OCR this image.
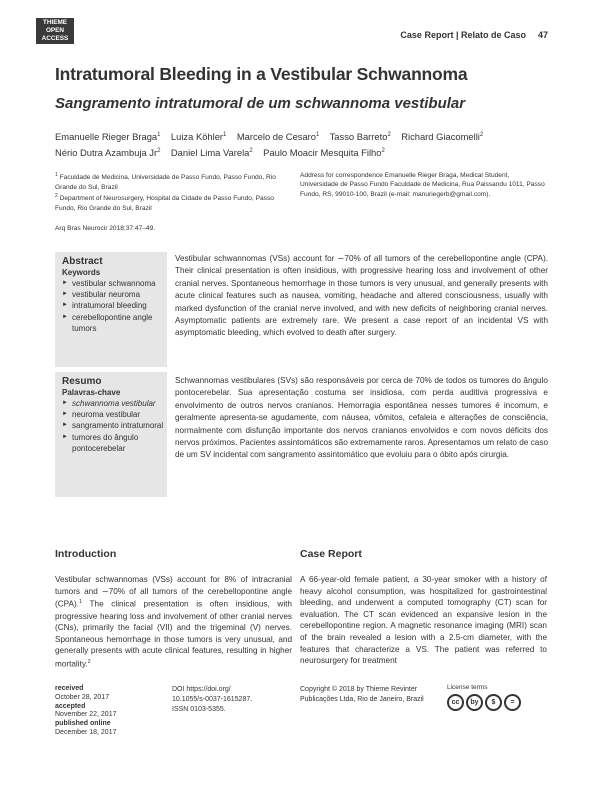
THIEME
OPEN
ACCESS	Case Report | Relato de Caso 47
Intratumoral Bleeding in a Vestibular Schwannoma
Sangramento intratumoral de um schwannoma vestibular
Emanuelle Rieger Braga$^1$ Luiza Köhler$^1$ Marcelo de Cesaro$^1$ Tasso Barreto$^2$ Richard Giacomelli$^2$
Nério Dutra Azambuja Jr$^2$ Daniel Lima Varela$^2$ Paulo Moacir Mesquita Filho$^2$

$^1$ Faculdade de Medicina, Universidade de Passo Fundo, Passo Fundo, Rio Grande do Sul, Brazil

$^2$ Department of Neurosurgery, Hospital da Cidade de Passo Fundo, Passo Fundo, Rio Grande do Sul, Brazil

Address for correspondence Emanuelle Rieger Braga, Medical Student, Universidade de Passo Fundo Faculdade de Medicina, Rua Paissandu 1011, Passo Fundo, RS, 99010-100, Brazil (e-mail: manuriegerb@gmail.com).
Arq Bras Neurocir 2018;37:47–49.
Abstract
Keywords
► vestibular schwannoma
► vestibular neuroma
► intratumoral bleeding
► cerebellopontine angle tumors
Vestibular schwannomas (VSs) account for ∼70% of all tumors of the cerebellopontine angle (CPA). Their clinical presentation is often insidious, with progressive hearing loss and involvement of other cranial nerves. Spontaneous hemorrhage in those tumors is very unusual, and generally presents with acute clinical features such as nausea, vomiting, headache and altered consciousness, usually with marked dysfunction of the cranial nerve involved, and with new deficits of neighboring cranial nerves. Asymptomatic patients are extremely rare. We present a case report of an incidental VS with asymptomatic bleeding, which evolved to death after surgery.
Resumo
Palavras-chave
► schwannoma vestibular
► neuroma vestibular
► sangramento intratumoral
► tumores do ângulo pontocerebelar
Schwannomas vestibulares (SVs) são responsáveis por cerca de 70% de todos os tumores do ângulo pontocerebelar. Sua apresentação costuma ser insidiosa, com perda auditiva progressiva e envolvimento de outros nervos cranianos. Hemorragia espontânea nesses tumores é incomum, e geralmente apresenta-se agudamente, com náusea, vômitos, cefaleia e alterações de consciência, normalmente com disfunção importante dos nervos cranianos envolvidos e com novos déficits dos nervos próximos. Pacientes assintomáticos são extremamente raros. Apresentamos um relato de caso de um SV incidental com sangramento assintomático que evoluiu para o óbito após cirurgia.
Introduction	Case Report
Vestibular schwannomas (VSs) account for 8% of intracranial tumors and ∼70% of all tumors of the cerebellopontine angle (CPA).$^1$ The clinical presentation is often insidious, with progressive hearing loss and involvement of other cranial nerves (CNs), primarily the facial (VII) and the trigeminal (V) nerves. Spontaneous hemorrhage in those tumors is very unusual, and generally presents with acute clinical features, resulting in higher mortality.$^2$
A 66-year-old female patient, a 30-year smoker with a history of heavy alcohol consumption, was hospitalized for gastrointestinal bleeding, and underwent a computed tomography (CT) scan for evaluation. The CT scan evidenced an expansive lesion in the cerebellopontine region. A magnetic resonance imaging (MRI) scan of the brain revealed a lesion with a 2.5-cm diameter, with the features that characterize a VS. The patient was referred to neurosurgery for treatment
received
October 28, 2017
accepted
November 22, 2017
published online
December 18, 2017
DOI https://doi.org/
10.1055/s-0037-1615287.
ISSN 0103-5355.
Copyright © 2018 by Thieme Revinter
Publicações Ltda, Rio de Janeiro, Brazil
License terms
cc	by	$	=
